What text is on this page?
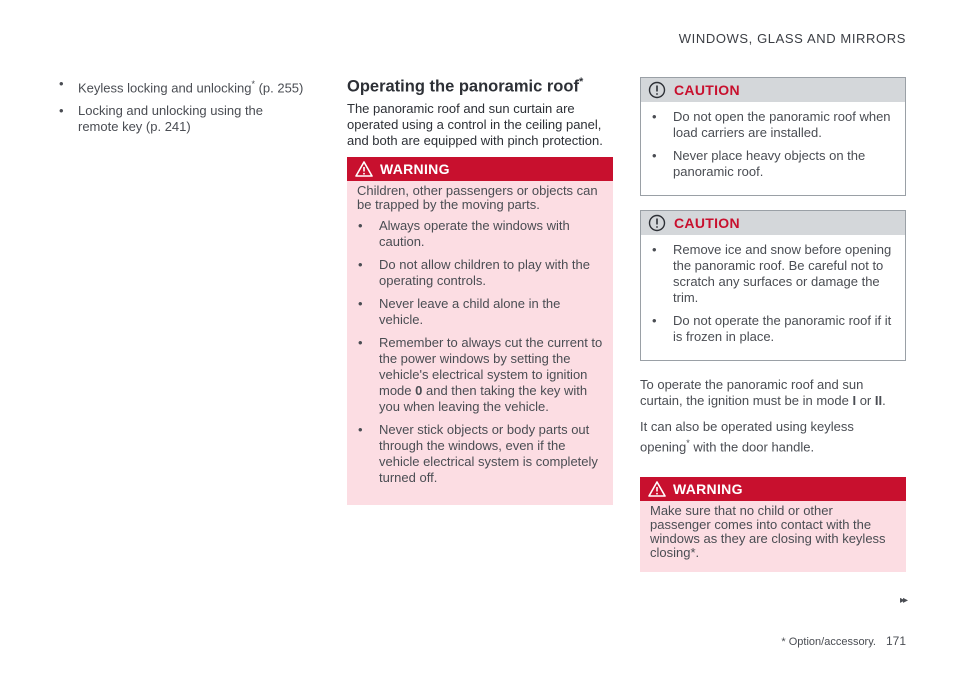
WINDOWS, GLASS AND MIRRORS
• Keyless locking and unlocking* (p. 255)
• Locking and unlocking using the remote key (p. 241)
Operating the panoramic roof*

The panoramic roof and sun curtain are operated using a control in the ceiling panel, and both are equipped with pinch protection.

WARNING
Children, other passengers or objects can be trapped by the moving parts.
• Always operate the windows with caution.
• Do not allow children to play with the operating controls.
• Never leave a child alone in the vehicle.
• Remember to always cut the current to the power windows by setting the vehicle's electrical system to ignition mode 0 and then taking the key with you when leaving the vehicle.
• Never stick objects or body parts out through the windows, even if the vehicle electrical system is completely turned off.
CAUTION
• Do not open the panoramic roof when load carriers are installed.
• Never place heavy objects on the panoramic roof.
CAUTION
• Remove ice and snow before opening the panoramic roof. Be careful not to scratch any surfaces or damage the trim.
• Do not operate the panoramic roof if it is frozen in place.

To operate the panoramic roof and sun curtain, the ignition must be in mode I or II.

It can also be operated using keyless opening* with the door handle.

WARNING
Make sure that no child or other passenger comes into contact with the windows as they are closing with keyless closing*.
▸▸
* Option/accessory. 171
